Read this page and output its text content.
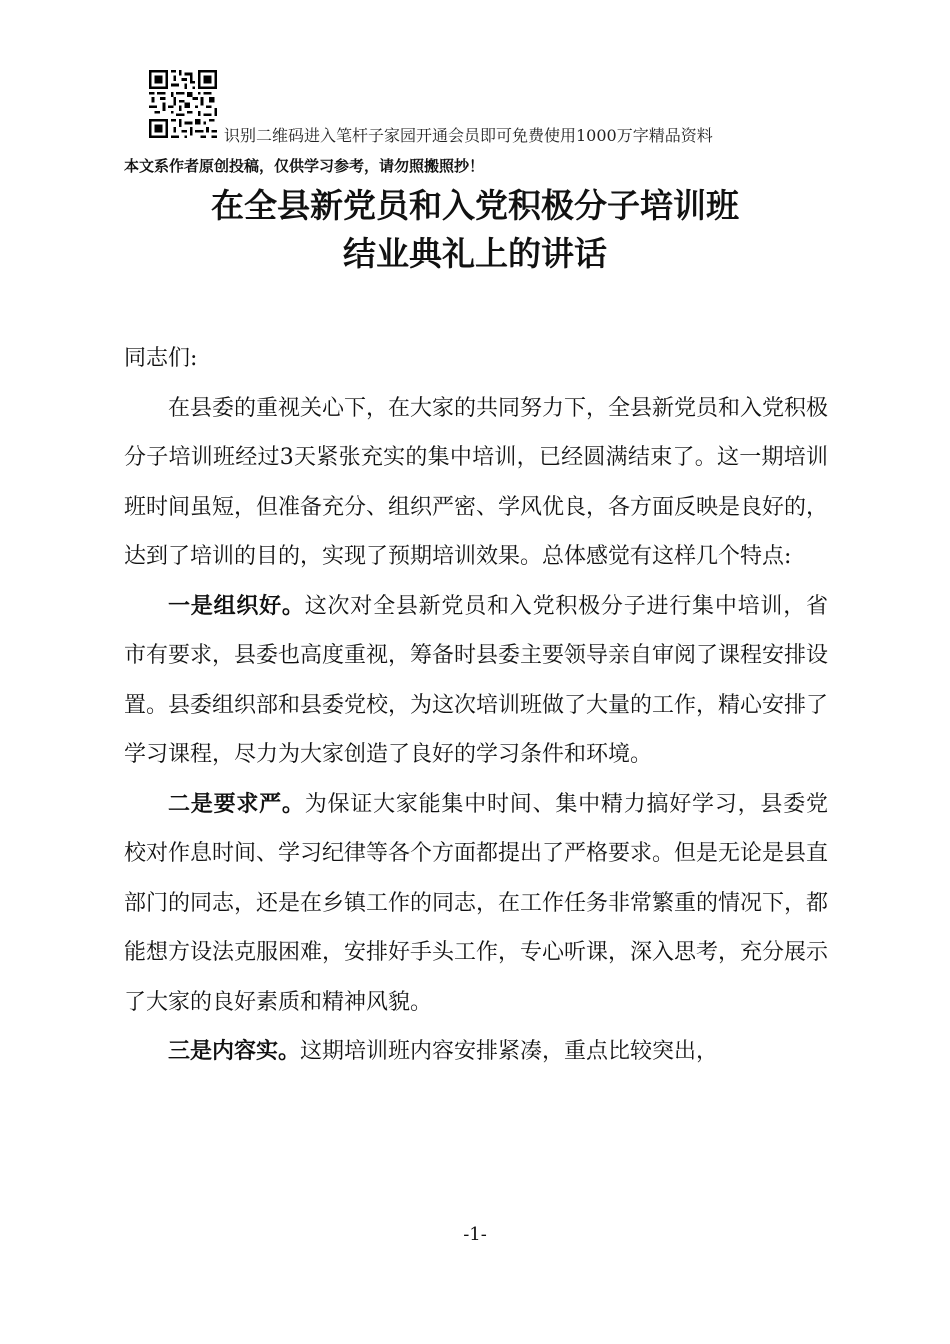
识别二维码进入笔杆子家园开通会员即可免费使用1000万字精品资料
本文系作者原创投稿，仅供学习参考，请勿照搬照抄！
在全县新党员和入党积极分子培训班
结业典礼上的讲话

同志们:

在县委的重视关心下，在大家的共同努力下，全县新党员和入党积极分子培训班经过3天紧张充实的集中培训，已经圆满结束了。这一期培训班时间虽短，但准备充分、组织严密、学风优良，各方面反映是良好的，达到了培训的目的，实现了预期培训效果。总体感觉有这样几个特点:

一是组织好。这次对全县新党员和入党积极分子进行集中培训，省市有要求，县委也高度重视，筹备时县委主要领导亲自审阅了课程安排设置。县委组织部和县委党校，为这次培训班做了大量的工作，精心安排了学习课程，尽力为大家创造了良好的学习条件和环境。

二是要求严。为保证大家能集中时间、集中精力搞好学习，县委党校对作息时间、学习纪律等各个方面都提出了严格要求。但是无论是县直部门的同志，还是在乡镇工作的同志，在工作任务非常繁重的情况下，都能想方设法克服困难，安排好手头工作，专心听课，深入思考，充分展示了大家的良好素质和精神风貌。

三是内容实。这期培训班内容安排紧凑，重点比较突出，

-1-
